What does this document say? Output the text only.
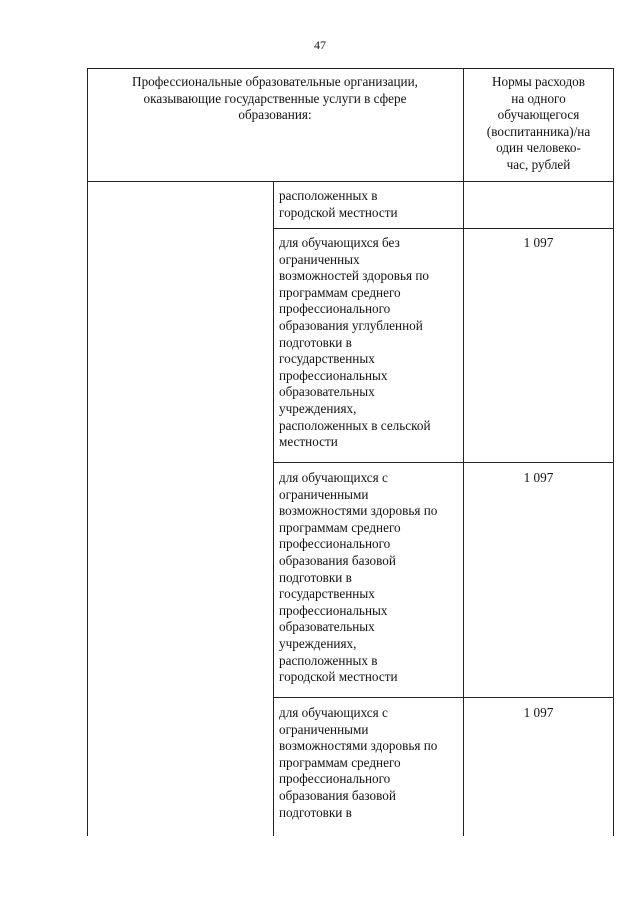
47
Профессиональные образовательные организации,
оказывающие государственные услуги в сфере
образования:
Нормы расходов
на одного
обучающегося
(воспитанника)/на
один человеко-
час, рублей
расположенных в
городской местности
для обучающихся без
ограниченных
возможностей здоровья по
программам среднего
профессионального
образования углубленной
подготовки в
государственных
профессиональных
образовательных
учреждениях,
расположенных в сельской
местности
1 097
для обучающихся с
ограниченными
возможностями здоровья по
программам среднего
профессионального
образования базовой
подготовки в
государственных
профессиональных
образовательных
учреждениях,
расположенных в
городской местности
1 097
для обучающихся с
ограниченными
возможностями здоровья по
программам среднего
профессионального
образования базовой
подготовки в
1 097
